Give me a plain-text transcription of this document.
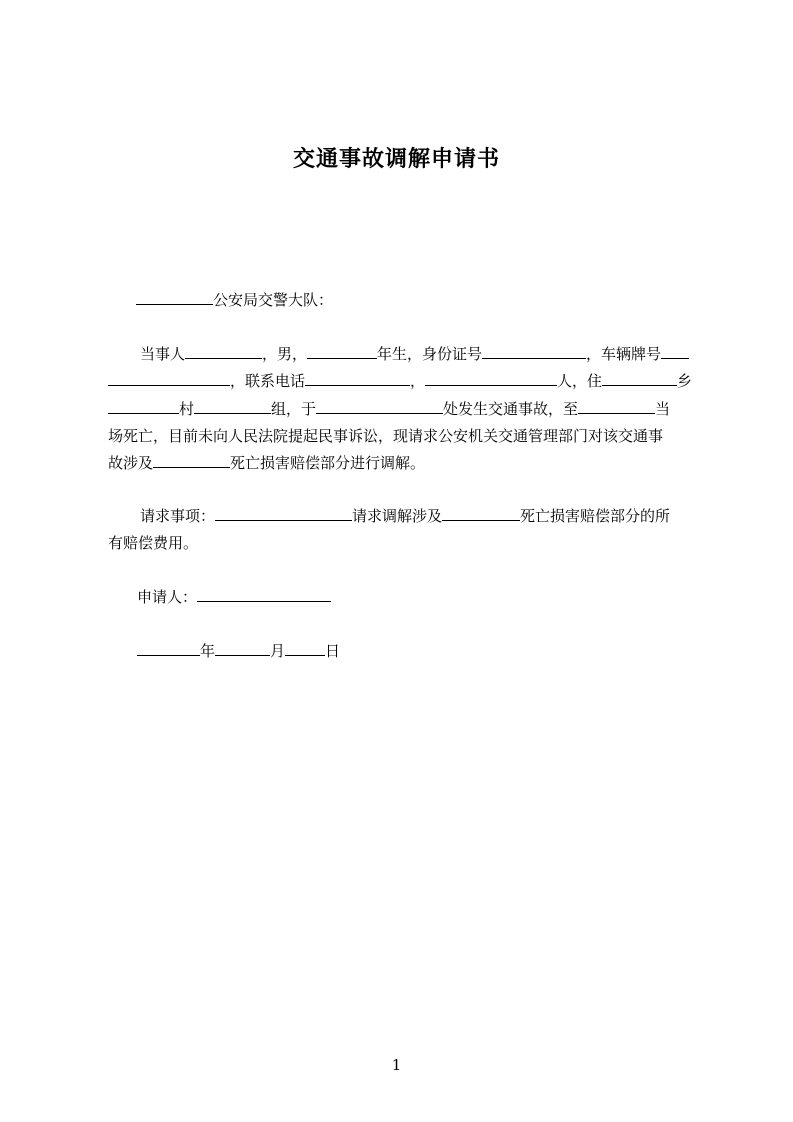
交通事故调解申请书
公安局交警大队：
当事人	，男，	年生，身份证号	，车辆牌号
，联系电话	，	人，住	乡
村	组，于	处发生交通事故，至	当
场死亡，目前未向人民法院提起民事诉讼，现请求公安机关交通管理部门对该交通事
故涉及	死亡损害赔偿部分进行调解。
请求事项：	请求调解涉及	死亡损害赔偿部分的所
有赔偿费用。
申请人：
年	月	日
1
